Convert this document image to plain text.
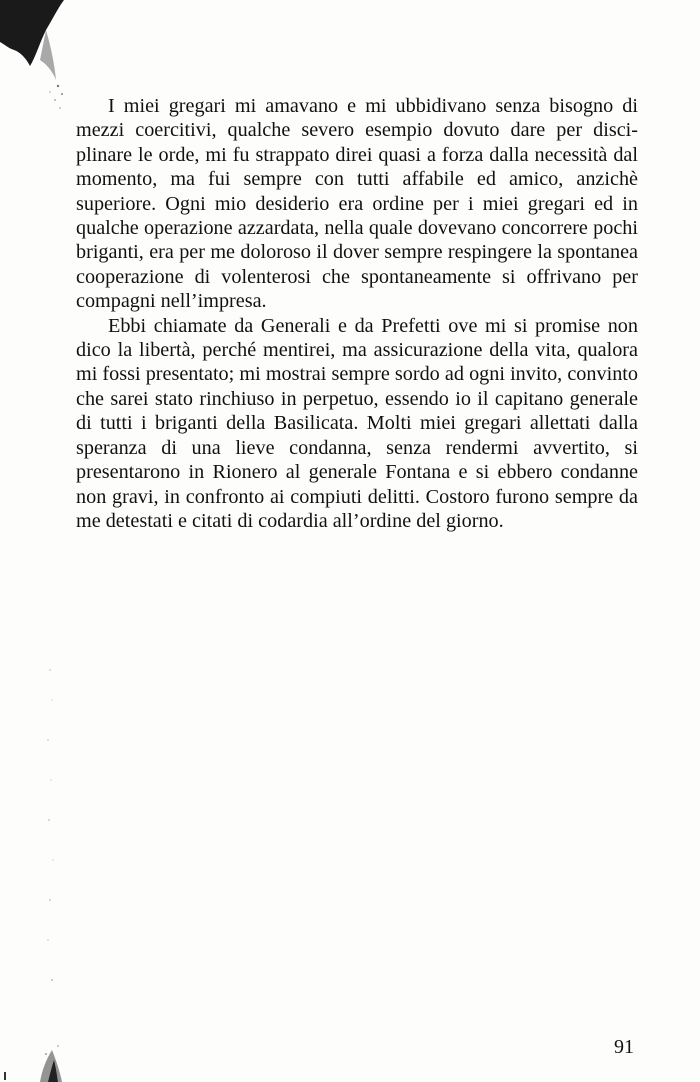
I miei gregari mi amavano e mi ubbidivano senza bisogno di mezzi coercitivi, qualche severo esempio dovuto dare per disciplinare le orde, mi fu strappato direi quasi a forza dalla necessità dal momento, ma fui sempre con tutti affabile ed amico, anzichè superiore. Ogni mio desiderio era ordine per i miei gregari ed in qualche operazione azzardata, nella quale dovevano concorrere pochi briganti, era per me doloroso il dover sempre respingere la spontanea cooperazione di volenterosi che spontaneamente si offrivano per compagni nell’impresa.

Ebbi chiamate da Generali e da Prefetti ove mi si promise non dico la libertà, perché mentirei, ma assicurazione della vita, qualora mi fossi presentato; mi mostrai sempre sordo ad ogni invito, convinto che sarei stato rinchiuso in perpetuo, essendo io il capitano generale di tutti i briganti della Basilicata. Molti miei gregari allettati dalla speranza di una lieve condanna, senza rendermi avvertito, si presentarono in Rionero al generale Fontana e si ebbero condanne non gravi, in confronto ai compiuti delitti. Costoro furono sempre da me detestati e citati di codardia all’ordine del giorno.

91
